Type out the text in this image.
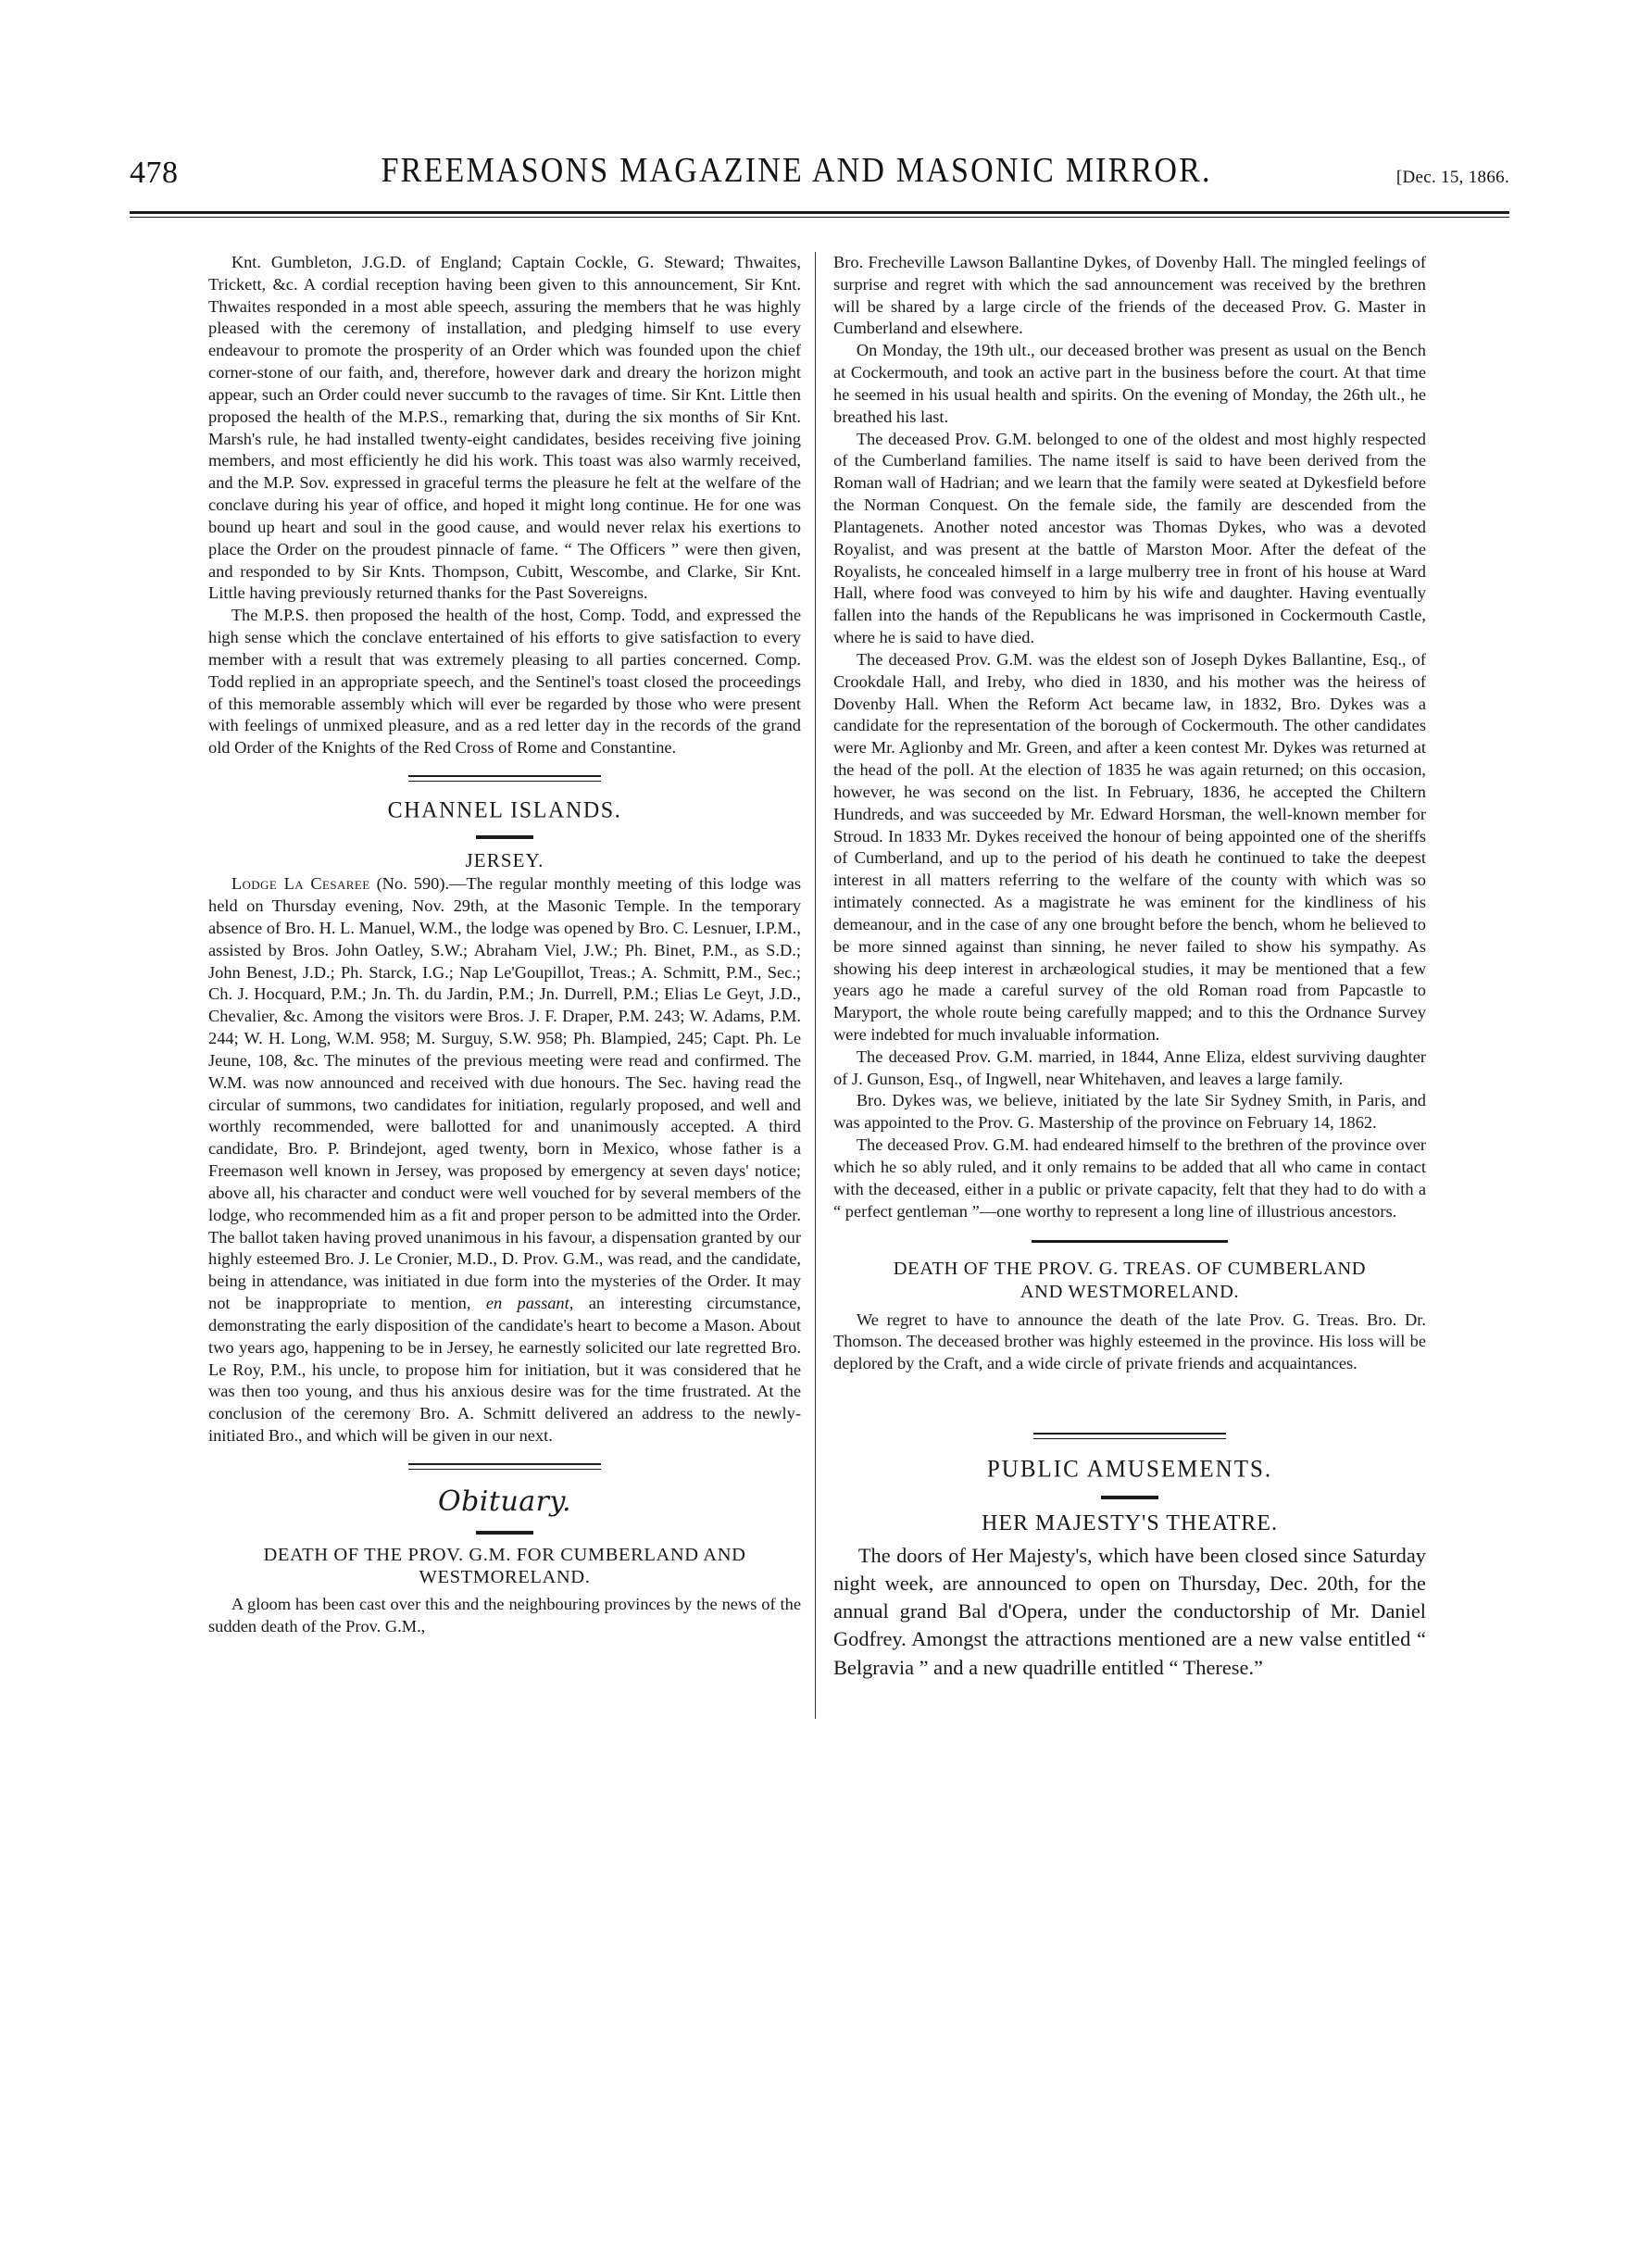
478	FREEMASONS MAGAZINE AND MASONIC MIRROR.	[Dec. 15, 1866.

Knt. Gumbleton, J.G.D. of England; Captain Cockle, G. Steward; Thwaites, Trickett, &c. A cordial reception having been given to this announcement, Sir Knt. Thwaites responded in a most able speech, assuring the members that he was highly pleased with the ceremony of installation, and pledging himself to use every endeavour to promote the prosperity of an Order which was founded upon the chief corner-stone of our faith, and, therefore, however dark and dreary the horizon might appear, such an Order could never succumb to the ravages of time. Sir Knt. Little then proposed the health of the M.P.S., remarking that, during the six months of Sir Knt. Marsh's rule, he had installed twenty-eight candidates, besides receiving five joining members, and most efficiently he did his work. This toast was also warmly received, and the M.P. Sov. expressed in graceful terms the pleasure he felt at the welfare of the conclave during his year of office, and hoped it might long continue. He for one was bound up heart and soul in the good cause, and would never relax his exertions to place the Order on the proudest pinnacle of fame. “ The Officers ” were then given, and responded to by Sir Knts. Thompson, Cubitt, Wescombe, and Clarke, Sir Knt. Little having previously returned thanks for the Past Sovereigns.

The M.P.S. then proposed the health of the host, Comp. Todd, and expressed the high sense which the conclave entertained of his efforts to give satisfaction to every member with a result that was extremely pleasing to all parties concerned. Comp. Todd replied in an appropriate speech, and the Sentinel's toast closed the proceedings of this memorable assembly which will ever be regarded by those who were present with feelings of unmixed pleasure, and as a red letter day in the records of the grand old Order of the Knights of the Red Cross of Rome and Constantine.

CHANNEL ISLANDS.
JERSEY.

Lodge La Cesaree (No. 590).—The regular monthly meeting of this lodge was held on Thursday evening, Nov. 29th, at the Masonic Temple. In the temporary absence of Bro. H. L. Manuel, W.M., the lodge was opened by Bro. C. Lesnuer, I.P.M., assisted by Bros. John Oatley, S.W.; Abraham Viel, J.W.; Ph. Binet, P.M., as S.D.; John Benest, J.D.; Ph. Starck, I.G.; Nap Le'Goupillot, Treas.; A. Schmitt, P.M., Sec.; Ch. J. Hocquard, P.M.; Jn. Th. du Jardin, P.M.; Jn. Durrell, P.M.; Elias Le Geyt, J.D., Chevalier, &c. Among the visitors were Bros. J. F. Draper, P.M. 243; W. Adams, P.M. 244; W. H. Long, W.M. 958; M. Surguy, S.W. 958; Ph. Blampied, 245; Capt. Ph. Le Jeune, 108, &c. The minutes of the previous meeting were read and confirmed. The W.M. was now announced and received with due honours. The Sec. having read the circular of summons, two candidates for initiation, regularly proposed, and well and worthly recommended, were ballotted for and unanimously accepted. A third candidate, Bro. P. Brindejont, aged twenty, born in Mexico, whose father is a Freemason well known in Jersey, was proposed by emergency at seven days' notice; above all, his character and conduct were well vouched for by several members of the lodge, who recommended him as a fit and proper person to be admitted into the Order. The ballot taken having proved unanimous in his favour, a dispensation granted by our highly esteemed Bro. J. Le Cronier, M.D., D. Prov. G.M., was read, and the candidate, being in attendance, was initiated in due form into the mysteries of the Order. It may not be inappropriate to mention, en passant, an interesting circumstance, demonstrating the early disposition of the candidate's heart to become a Mason. About two years ago, happening to be in Jersey, he earnestly solicited our late regretted Bro. Le Roy, P.M., his uncle, to propose him for initiation, but it was considered that he was then too young, and thus his anxious desire was for the time frustrated. At the conclusion of the ceremony Bro. A. Schmitt delivered an address to the newly-initiated Bro., and which will be given in our next.

Obituary.
DEATH OF THE PROV. G.M. FOR CUMBERLAND AND
WESTMORELAND.

A gloom has been cast over this and the neighbouring provinces by the news of the sudden death of the Prov. G.M.,

Bro. Frecheville Lawson Ballantine Dykes, of Dovenby Hall. The mingled feelings of surprise and regret with which the sad announcement was received by the brethren will be shared by a large circle of the friends of the deceased Prov. G. Master in Cumberland and elsewhere.

On Monday, the 19th ult., our deceased brother was present as usual on the Bench at Cockermouth, and took an active part in the business before the court. At that time he seemed in his usual health and spirits. On the evening of Monday, the 26th ult., he breathed his last.

The deceased Prov. G.M. belonged to one of the oldest and most highly respected of the Cumberland families. The name itself is said to have been derived from the Roman wall of Hadrian; and we learn that the family were seated at Dykesfield before the Norman Conquest. On the female side, the family are descended from the Plantagenets. Another noted ancestor was Thomas Dykes, who was a devoted Royalist, and was present at the battle of Marston Moor. After the defeat of the Royalists, he concealed himself in a large mulberry tree in front of his house at Ward Hall, where food was conveyed to him by his wife and daughter. Having eventually fallen into the hands of the Republicans he was imprisoned in Cockermouth Castle, where he is said to have died.

The deceased Prov. G.M. was the eldest son of Joseph Dykes Ballantine, Esq., of Crookdale Hall, and Ireby, who died in 1830, and his mother was the heiress of Dovenby Hall. When the Reform Act became law, in 1832, Bro. Dykes was a candidate for the representation of the borough of Cockermouth. The other candidates were Mr. Aglionby and Mr. Green, and after a keen contest Mr. Dykes was returned at the head of the poll. At the election of 1835 he was again returned; on this occasion, however, he was second on the list. In February, 1836, he accepted the Chiltern Hundreds, and was succeeded by Mr. Edward Horsman, the well-known member for Stroud. In 1833 Mr. Dykes received the honour of being appointed one of the sheriffs of Cumberland, and up to the period of his death he continued to take the deepest interest in all matters referring to the welfare of the county with which was so intimately connected. As a magistrate he was eminent for the kindliness of his demeanour, and in the case of any one brought before the bench, whom he believed to be more sinned against than sinning, he never failed to show his sympathy. As showing his deep interest in archæological studies, it may be mentioned that a few years ago he made a careful survey of the old Roman road from Papcastle to Maryport, the whole route being carefully mapped; and to this the Ordnance Survey were indebted for much invaluable information.

The deceased Prov. G.M. married, in 1844, Anne Eliza, eldest surviving daughter of J. Gunson, Esq., of Ingwell, near Whitehaven, and leaves a large family.

Bro. Dykes was, we believe, initiated by the late Sir Sydney Smith, in Paris, and was appointed to the Prov. G. Mastership of the province on February 14, 1862.

The deceased Prov. G.M. had endeared himself to the brethren of the province over which he so ably ruled, and it only remains to be added that all who came in contact with the deceased, either in a public or private capacity, felt that they had to do with a “ perfect gentleman ”—one worthy to represent a long line of illustrious ancestors.

DEATH OF THE PROV. G. TREAS. OF CUMBERLAND
AND WESTMORELAND.

We regret to have to announce the death of the late Prov. G. Treas. Bro. Dr. Thomson. The deceased brother was highly esteemed in the province. His loss will be deplored by the Craft, and a wide circle of private friends and acquaintances.

PUBLIC AMUSEMENTS.
HER MAJESTY'S THEATRE.

The doors of Her Majesty's, which have been closed since Saturday night week, are announced to open on Thursday, Dec. 20th, for the annual grand Bal d'Opera, under the conductorship of Mr. Daniel Godfrey. Amongst the attractions mentioned are a new valse entitled “ Belgravia ” and a new quadrille entitled “ Therese.”
